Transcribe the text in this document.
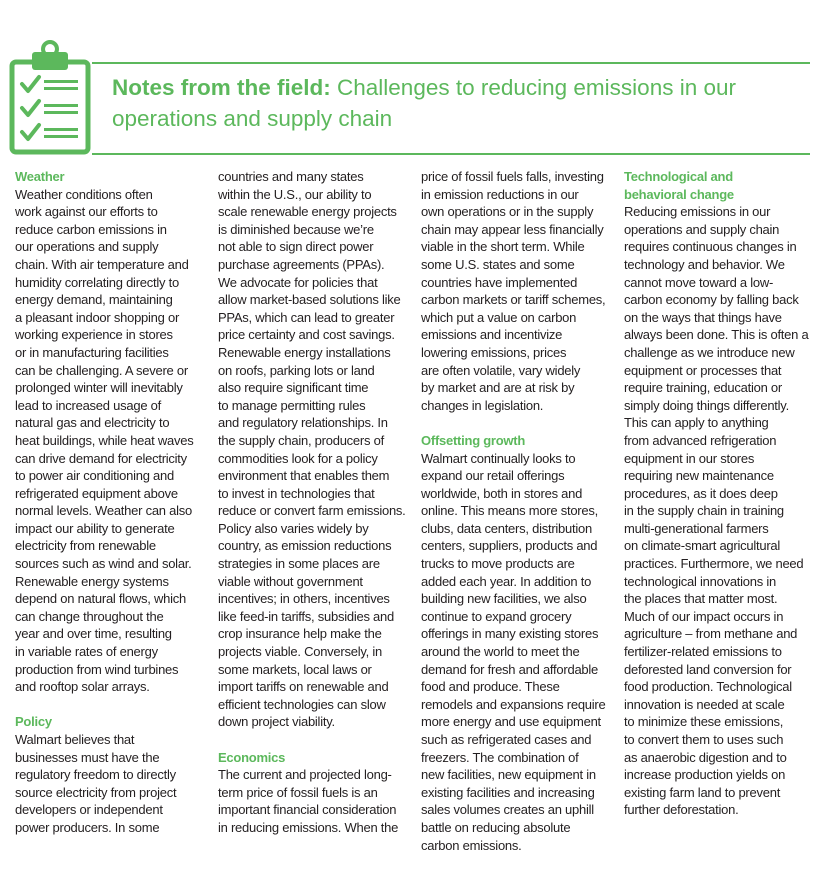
Notes from the field: Challenges to reducing emissions in our operations and supply chain

Weather

Weather conditions often

work against our efforts to

reduce carbon emissions in

our operations and supply

chain. With air temperature and

humidity correlating directly to

energy demand, maintaining

a pleasant indoor shopping or

working experience in stores

or in manufacturing facilities

can be challenging. A severe or

prolonged winter will inevitably

lead to increased usage of

natural gas and electricity to

heat buildings, while heat waves

can drive demand for electricity

to power air conditioning and

refrigerated equipment above

normal levels. Weather can also

impact our ability to generate

electricity from renewable

sources such as wind and solar.

Renewable energy systems

depend on natural flows, which

can change throughout the

year and over time, resulting

in variable rates of energy

production from wind turbines

and rooftop solar arrays.

Policy

Walmart believes that

businesses must have the

regulatory freedom to directly

source electricity from project

developers or independent

power producers. In some

countries and many states

within the U.S., our ability to

scale renewable energy projects

is diminished because we’re

not able to sign direct power

purchase agreements (PPAs).

We advocate for policies that

allow market-based solutions like

PPAs, which can lead to greater

price certainty and cost savings.

Renewable energy installations

on roofs, parking lots or land

also require significant time

to manage permitting rules

and regulatory relationships. In

the supply chain, producers of

commodities look for a policy

environment that enables them

to invest in technologies that

reduce or convert farm emissions.

Policy also varies widely by

country, as emission reductions

strategies in some places are

viable without government

incentives; in others, incentives

like feed-in tariffs, subsidies and

crop insurance help make the

projects viable. Conversely, in

some markets, local laws or

import tariffs on renewable and

efficient technologies can slow

down project viability.

Economics

The current and projected long-

term price of fossil fuels is an

important financial consideration

in reducing emissions. When the

price of fossil fuels falls, investing

in emission reductions in our

own operations or in the supply

chain may appear less financially

viable in the short term. While

some U.S. states and some

countries have implemented

carbon markets or tariff schemes,

which put a value on carbon

emissions and incentivize

lowering emissions, prices

are often volatile, vary widely

by market and are at risk by

changes in legislation.

Offsetting growth

Walmart continually looks to

expand our retail offerings

worldwide, both in stores and

online. This means more stores,

clubs, data centers, distribution

centers, suppliers, products and

trucks to move products are

added each year. In addition to

building new facilities, we also

continue to expand grocery

offerings in many existing stores

around the world to meet the

demand for fresh and affordable

food and produce. These

remodels and expansions require

more energy and use equipment

such as refrigerated cases and

freezers. The combination of

new facilities, new equipment in

existing facilities and increasing

sales volumes creates an uphill

battle on reducing absolute

carbon emissions.

Technological and

behavioral change

Reducing emissions in our

operations and supply chain

requires continuous changes in

technology and behavior. We

cannot move toward a low-

carbon economy by falling back

on the ways that things have

always been done. This is often a

challenge as we introduce new

equipment or processes that

require training, education or

simply doing things differently.

This can apply to anything

from advanced refrigeration

equipment in our stores

requiring new maintenance

procedures, as it does deep

in the supply chain in training

multi-generational farmers

on climate-smart agricultural

practices. Furthermore, we need

technological innovations in

the places that matter most.

Much of our impact occurs in

agriculture – from methane and

fertilizer-related emissions to

deforested land conversion for

food production. Technological

innovation is needed at scale

to minimize these emissions,

to convert them to uses such

as anaerobic digestion and to

increase production yields on

existing farm land to prevent

further deforestation.
